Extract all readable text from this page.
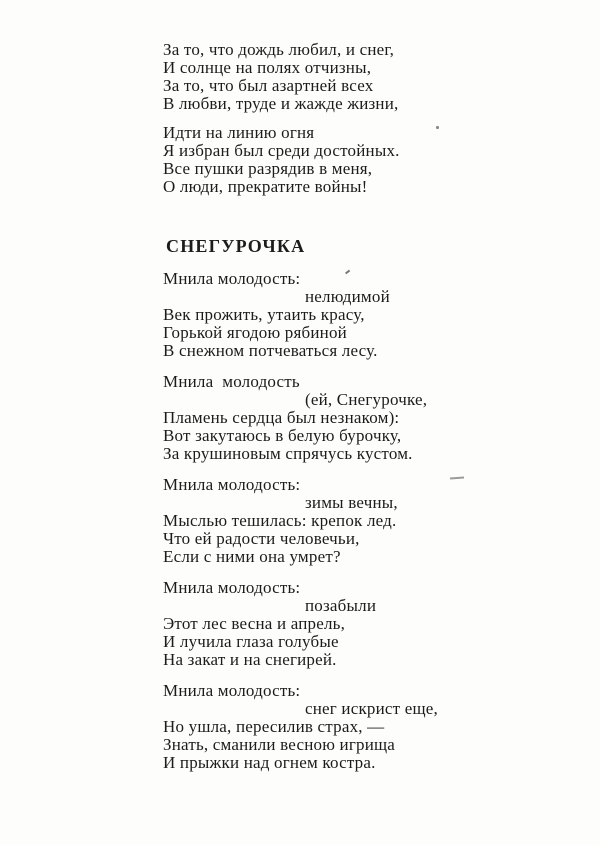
За то, что дождь любил, и снег,
И солнце на полях отчизны,
За то, что был азартней всех
В любви, труде и жажде жизни,
Идти на линию огня
Я избран был среди достойных.
Все пушки разрядив в меня,
О люди, прекратите войны!
СНЕГУРОЧКА
Мнила молодость:
нелюдимой
Век прожить, утаить красу,
Горькой ягодою рябиной
В снежном потчеваться лесу.
Мнила  молодость
(ей, Снегурочке,
Пламень сердца был незнаком):
Вот закутаюсь в белую бурочку,
За крушиновым спрячусь кустом.
Мнила молодость:
зимы вечны,
Мыслью тешилась: крепок лед.
Что ей радости человечьи,
Если с ними она умрет?
Мнила молодость:
позабыли
Этот лес весна и апрель,
И лучила глаза голубые
На закат и на снегирей.
Мнила молодость:
снег искрист еще,
Но ушла, пересилив страх, —
Знать, сманили весною игрища
И прыжки над огнем костра.
